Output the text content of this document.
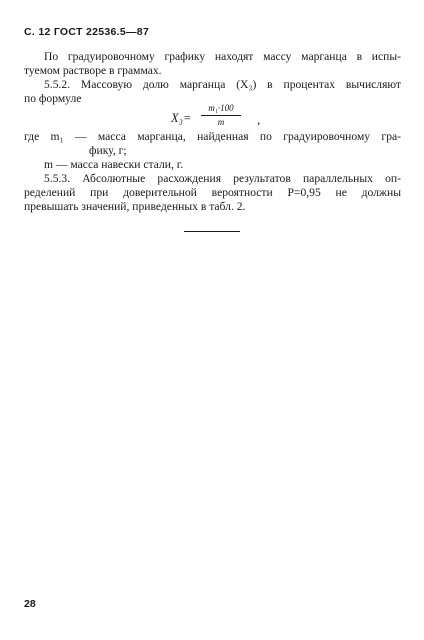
С. 12 ГОСТ 22536.5—87
По градуировочному графику находят массу марганца в испы-
туемом растворе в граммах.
5.5.2. Массовую долю марганца (X₃) в процентах вычисляют
по формуле
X₃=
m₁·100
m	,
где m₁ — масса марганца, найденная по градуировочному гра-
фику, г;
m — масса навески стали, г.
5.5.3. Абсолютные расхождения результатов параллельных оп-
ределений при доверительной вероятности P=0,95 не должны
превышать значений, приведенных в табл. 2.
28
